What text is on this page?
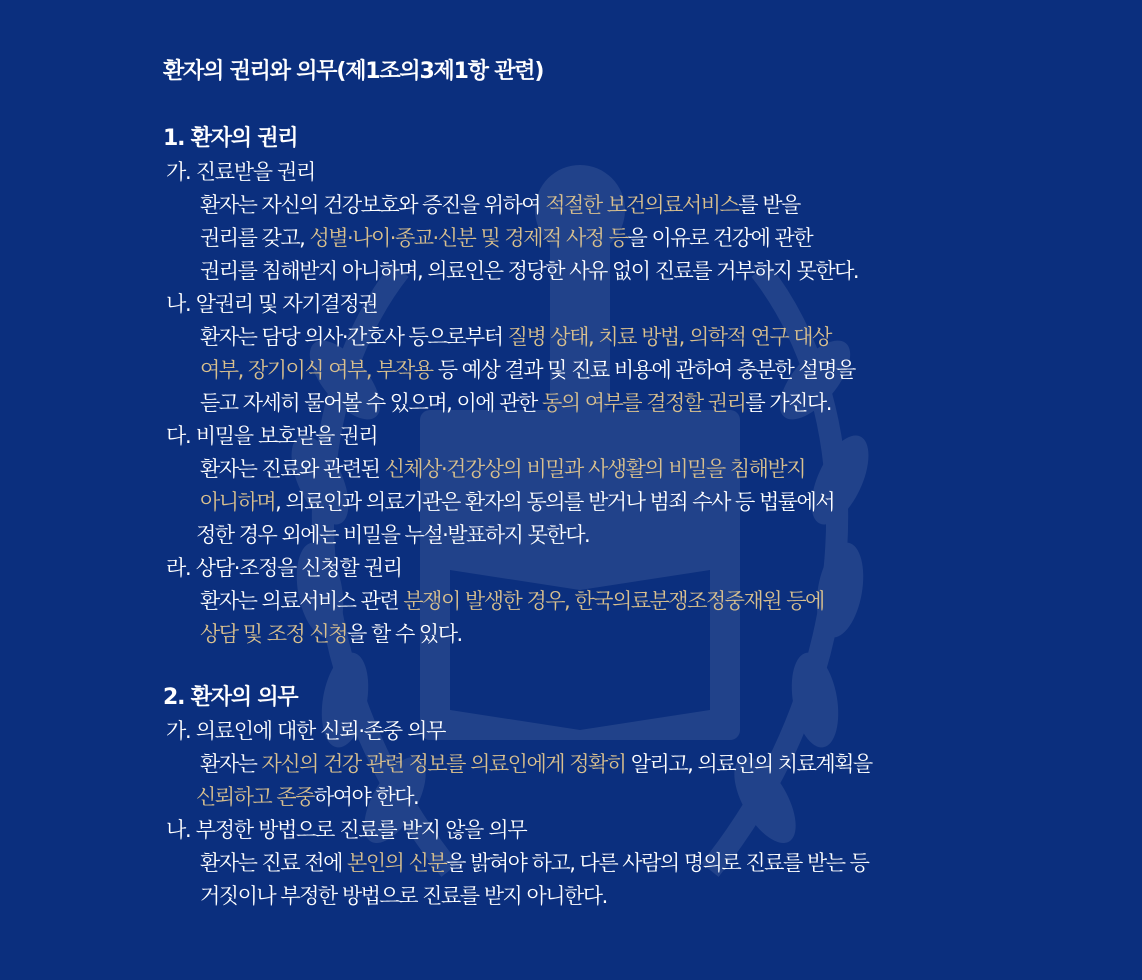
환자의 권리와 의무(제1조의3제1항 관련)
1. 환자의 권리
가. 진료받을 권리

환자는 자신의 건강보호와 증진을 위하여 적절한 보건의료서비스를 받을
권리를 갖고, 성별·나이·종교·신분 및 경제적 사정 등을 이유로 건강에 관한
권리를 침해받지 아니하며, 의료인은 정당한 사유 없이 진료를 거부하지 못한다.

나. 알권리 및 자기결정권

환자는 담당 의사·간호사 등으로부터 질병 상태, 치료 방법, 의학적 연구 대상
여부, 장기이식 여부, 부작용 등 예상 결과 및 진료 비용에 관하여 충분한 설명을
듣고 자세히 물어볼 수 있으며, 이에 관한 동의 여부를 결정할 권리를 가진다.

다. 비밀을 보호받을 권리

환자는 진료와 관련된 신체상·건강상의 비밀과 사생활의 비밀을 침해받지
아니하며, 의료인과 의료기관은 환자의 동의를 받거나 범죄 수사 등 법률에서
정한 경우 외에는 비밀을 누설·발표하지 못한다.

라. 상담·조정을 신청할 권리

환자는 의료서비스 관련 분쟁이 발생한 경우, 한국의료분쟁조정중재원 등에
상담 및 조정 신청을 할 수 있다.

2. 환자의 의무
가. 의료인에 대한 신뢰·존중 의무

환자는 자신의 건강 관련 정보를 의료인에게 정확히 알리고, 의료인의 치료계획을
신뢰하고 존중하여야 한다.

나. 부정한 방법으로 진료를 받지 않을 의무

환자는 진료 전에 본인의 신분을 밝혀야 하고, 다른 사람의 명의로 진료를 받는 등
거짓이나 부정한 방법으로 진료를 받지 아니한다.
